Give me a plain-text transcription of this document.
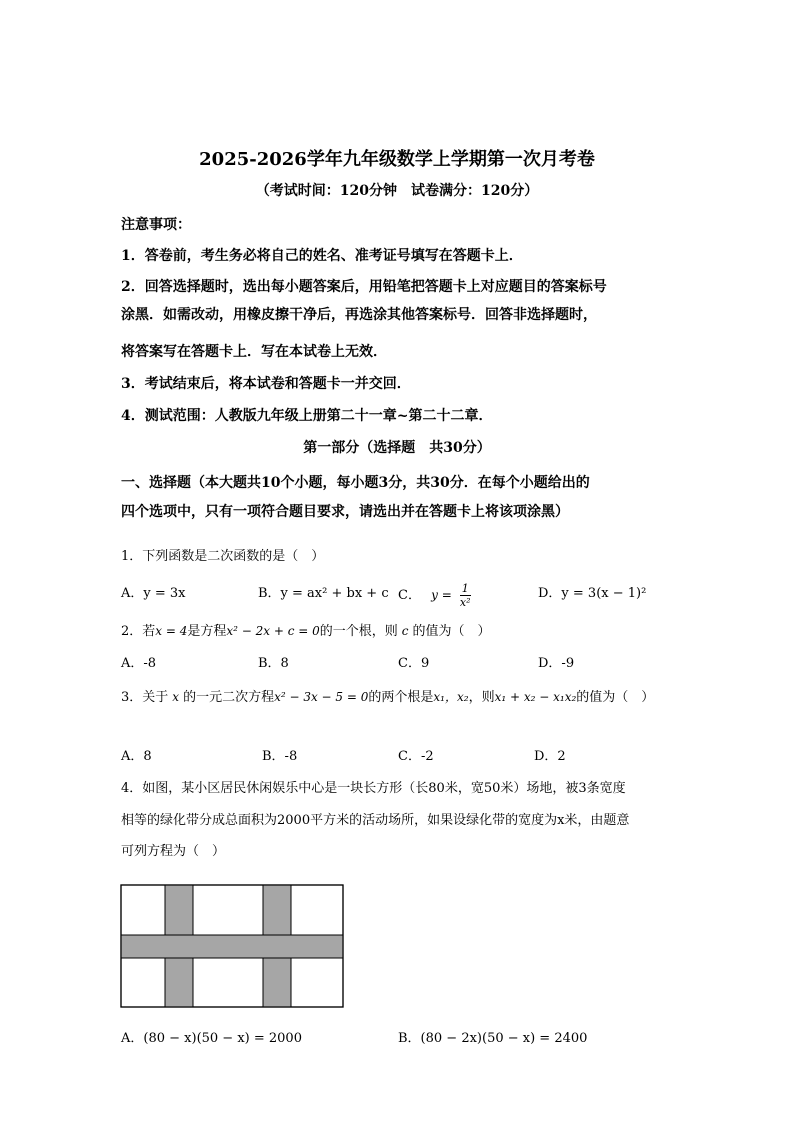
2025-2026学年九年级数学上学期第一次月考卷
（考试时间：120分钟　试卷满分：120分）
注意事项：
1．答卷前，考生务必将自己的姓名、准考证号填写在答题卡上．
2．回答选择题时，选出每小题答案后，用铅笔把答题卡上对应题目的答案标号
涂黑．如需改动，用橡皮擦干净后，再选涂其他答案标号．回答非选择题时，
将答案写在答题卡上．写在本试卷上无效．
3．考试结束后，将本试卷和答题卡一并交回．
4．测试范围：人教版九年级上册第二十一章~第二十二章．
第一部分（选择题　共30分）
一、选择题（本大题共10个小题，每小题3分，共30分．在每个小题给出的
四个选项中，只有一项符合题目要求，请选出并在答题卡上将该项涂黑）
1．下列函数是二次函数的是（　）
A．y = 3x	B．y = ax² + bx + c C． $y = \frac{1}{\text{x²}}$	D．y = 3(x − 1)²
2．若x = 4是方程x² − 2x + c = 0的一个根，则 c 的值为（　）
A．-8	B．8	C．9	D．-9
3．关于 x 的一元二次方程x² − 3x − 5 = 0的两个根是x₁，x₂，则x₁ + x₂ − x₁x₂的值为（　）
A．8	B．-8	C．-2	D．2
4．如图，某小区居民休闲娱乐中心是一块长方形（长80米，宽50米）场地，被3条宽度
相等的绿化带分成总面积为2000平方米的活动场所，如果设绿化带的宽度为x米，由题意
可列方程为（　）
A．(80 − x)(50 − x) = 2000	B．(80 − 2x)(50 − x) = 2400
